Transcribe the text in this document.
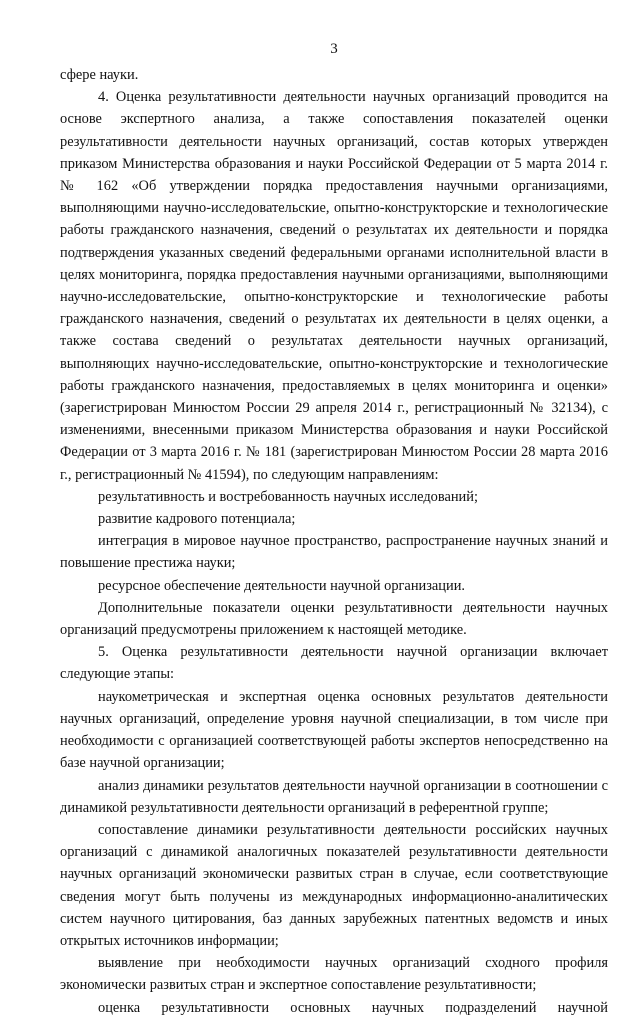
3

сфере науки.

4. Оценка результативности деятельности научных организаций проводится на основе экспертного анализа, а также сопоставления показателей оценки результативности деятельности научных организаций, состав которых утвержден приказом Министерства образования и науки Российской Федерации от 5 марта 2014 г. № 162 «Об утверждении порядка предоставления научными организациями, выполняющими научно-исследовательские, опытно-конструкторские и технологические работы гражданского назначения, сведений о результатах их деятельности и порядка подтверждения указанных сведений федеральными органами исполнительной власти в целях мониторинга, порядка предоставления научными организациями, выполняющими научно-исследовательские, опытно-конструкторские и технологические работы гражданского назначения, сведений о результатах их деятельности в целях оценки, а также состава сведений о результатах деятельности научных организаций, выполняющих научно-исследовательские, опытно-конструкторские и технологические работы гражданского назначения, предоставляемых в целях мониторинга и оценки» (зарегистрирован Минюстом России 29 апреля 2014 г., регистрационный № 32134), с изменениями, внесенными приказом Министерства образования и науки Российской Федерации от 3 марта 2016 г. № 181 (зарегистрирован Минюстом России 28 марта 2016 г., регистрационный № 41594), по следующим направлениям:

результативность и востребованность научных исследований;

развитие кадрового потенциала;

интеграция в мировое научное пространство, распространение научных знаний и повышение престижа науки;

ресурсное обеспечение деятельности научной организации.

Дополнительные показатели оценки результативности деятельности научных организаций предусмотрены приложением к настоящей методике.

5. Оценка результативности деятельности научной организации включает следующие этапы:

наукометрическая и экспертная оценка основных результатов деятельности научных организаций, определение уровня научной специализации, в том числе при необходимости с организацией соответствующей работы экспертов непосредственно на базе научной организации;

анализ динамики результатов деятельности научной организации в соотношении с динамикой результативности деятельности организаций в референтной группе;

сопоставление динамики результативности деятельности российских научных организаций с динамикой аналогичных показателей результативности деятельности научных организаций экономически развитых стран в случае, если соответствующие сведения могут быть получены из международных информационно-аналитических систем научного цитирования, баз данных зарубежных патентных ведомств и иных открытых источников информации;

выявление при необходимости научных организаций сходного профиля экономически развитых стран и экспертное сопоставление результативности;

оценка результативности основных научных подразделений научной
